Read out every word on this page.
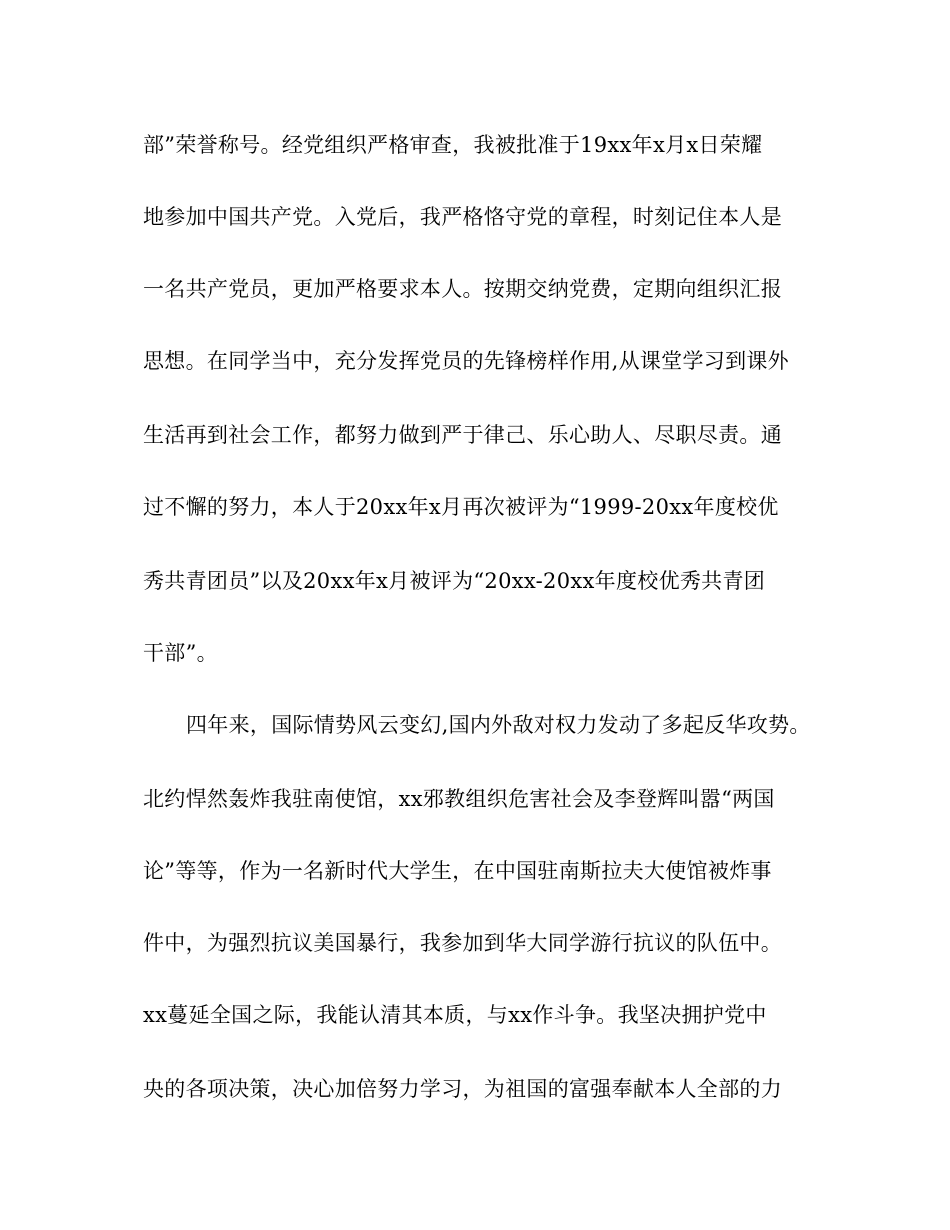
部”荣誉称号。经党组织严格审查，我被批准于19xx年x月x日荣耀
地参加中国共产党。入党后，我严格恪守党的章程，时刻记住本人是
一名共产党员，更加严格要求本人。按期交纳党费，定期向组织汇报
思想。在同学当中，充分发挥党员的先锋榜样作用,从课堂学习到课外
生活再到社会工作，都努力做到严于律己、乐心助人、尽职尽责。通
过不懈的努力，本人于20xx年x月再次被评为“1999-20xx年度校优
秀共青团员”以及20xx年x月被评为“20xx-20xx年度校优秀共青团
干部”。
四年来，国际情势风云变幻,国内外敌对权力发动了多起反华攻势。
北约悍然轰炸我驻南使馆，xx邪教组织危害社会及李登辉叫嚣“两国
论”等等，作为一名新时代大学生，在中国驻南斯拉夫大使馆被炸事
件中，为强烈抗议美国暴行，我参加到华大同学游行抗议的队伍中。
xx蔓延全国之际，我能认清其本质，与xx作斗争。我坚决拥护党中
央的各项决策，决心加倍努力学习，为祖国的富强奉献本人全部的力
